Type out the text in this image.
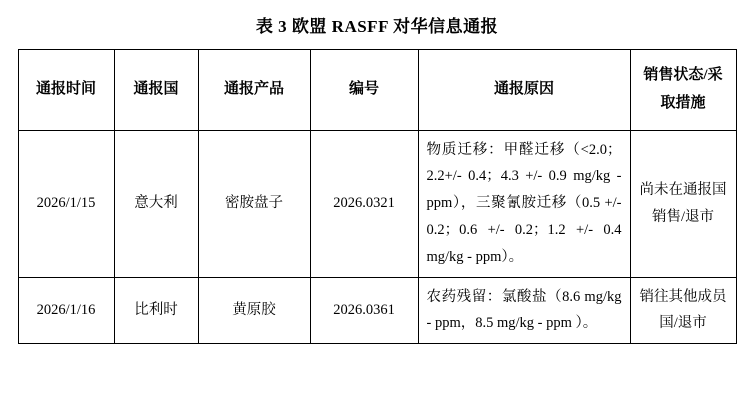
表 3 欧盟 RASFF 对华信息通报
通报时间	通报国	通报产品	编号	通报原因	销售状态/采取措施
2026/1/15	意大利	密胺盘子	2026.0321	物质迁移：甲醛迁移（<2.0；2.2+/- 0.4；4.3 +/- 0.9 mg/kg - ppm），三聚氰胺迁移（0.5 +/- 0.2；0.6 +/- 0.2；1.2 +/- 0.4 mg/kg - ppm）。	尚未在通报国销售/退市
2026/1/16	比利时	黄原胶	2026.0361	农药残留：氯酸盐（8.6 mg/kg - ppm，8.5 mg/kg - ppm ）。	销往其他成员国/退市
